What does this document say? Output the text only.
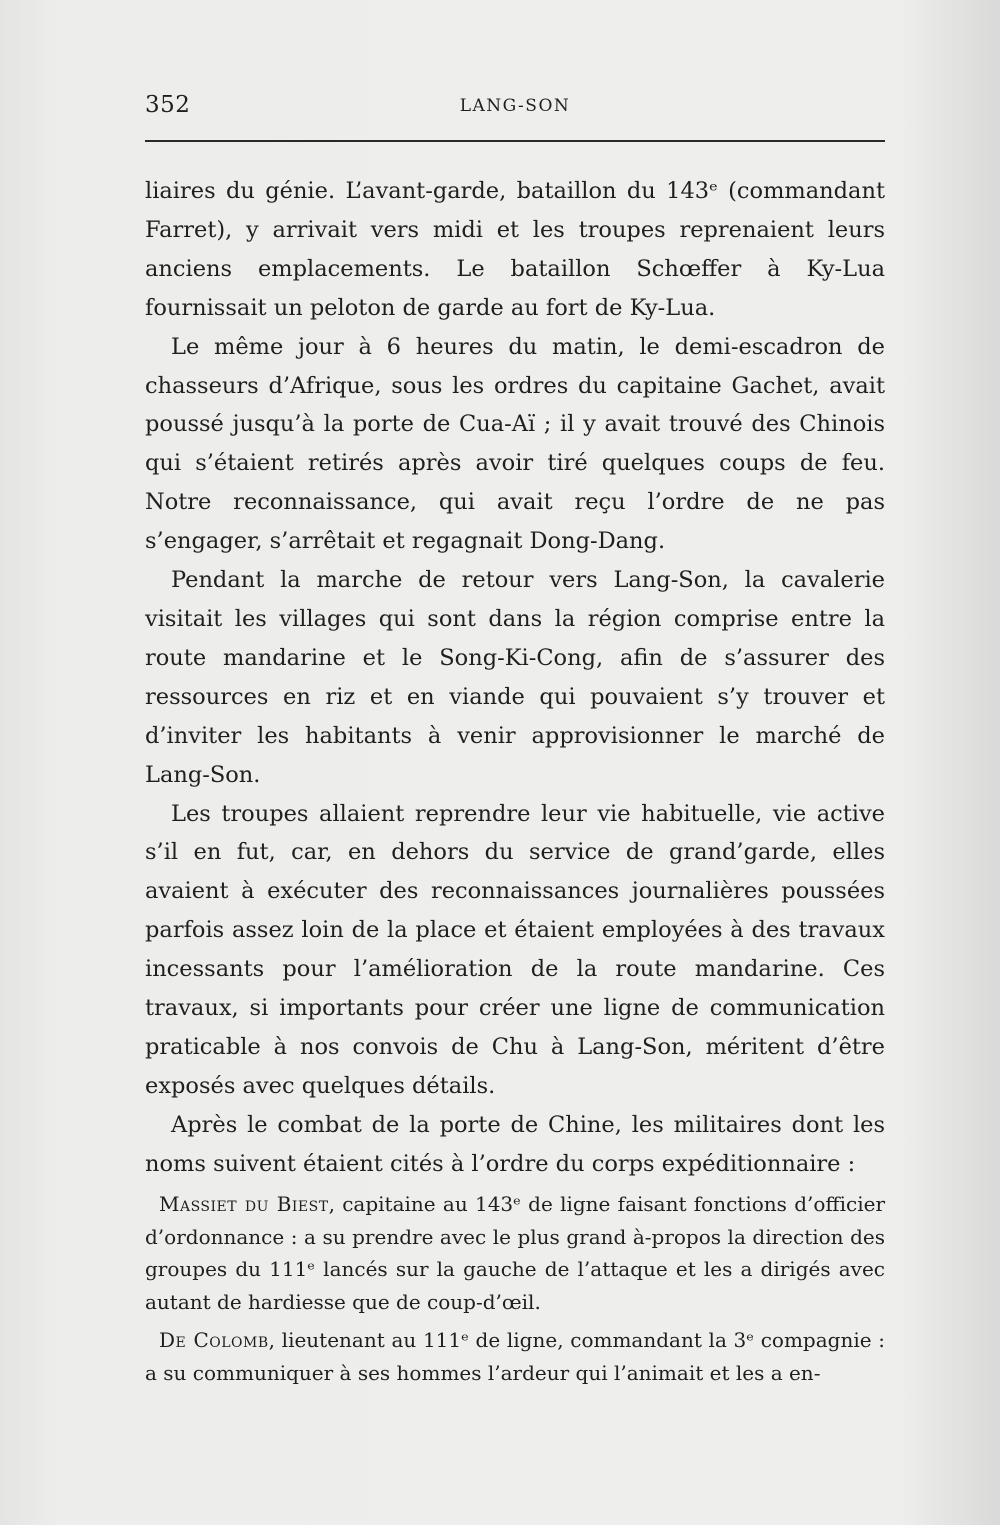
352	LANG-SON

liaires du génie. L’avant-garde, bataillon du 143ᵉ (commandant Farret), y arrivait vers midi et les troupes reprenaient leurs anciens emplacements. Le bataillon Schœffer à Ky-Lua fournissait un peloton de garde au fort de Ky-Lua.

Le même jour à 6 heures du matin, le demi-escadron de chasseurs d’Afrique, sous les ordres du capitaine Gachet, avait poussé jusqu’à la porte de Cua-Aï ; il y avait trouvé des Chinois qui s’étaient retirés après avoir tiré quelques coups de feu. Notre reconnaissance, qui avait reçu l’ordre de ne pas s’engager, s’arrêtait et regagnait Dong-Dang.

Pendant la marche de retour vers Lang-Son, la cavalerie visitait les villages qui sont dans la région comprise entre la route mandarine et le Song-Ki-Cong, afin de s’assurer des ressources en riz et en viande qui pouvaient s’y trouver et d’inviter les habitants à venir approvisionner le marché de Lang-Son.

Les troupes allaient reprendre leur vie habituelle, vie active s’il en fut, car, en dehors du service de grand’garde, elles avaient à exécuter des reconnaissances journalières poussées parfois assez loin de la place et étaient employées à des travaux incessants pour l’amélioration de la route mandarine. Ces travaux, si importants pour créer une ligne de communication praticable à nos convois de Chu à Lang-Son, méritent d’être exposés avec quelques détails.

Après le combat de la porte de Chine, les militaires dont les noms suivent étaient cités à l’ordre du corps expéditionnaire :

Massiet du Biest, capitaine au 143ᵉ de ligne faisant fonctions d’officier d’ordonnance : a su prendre avec le plus grand à-propos la direction des groupes du 111ᵉ lancés sur la gauche de l’attaque et les a dirigés avec autant de hardiesse que de coup-d’œil.

De Colomb, lieutenant au 111ᵉ de ligne, commandant la 3ᵉ compagnie : a su communiquer à ses hommes l’ardeur qui l’animait et les a en-
